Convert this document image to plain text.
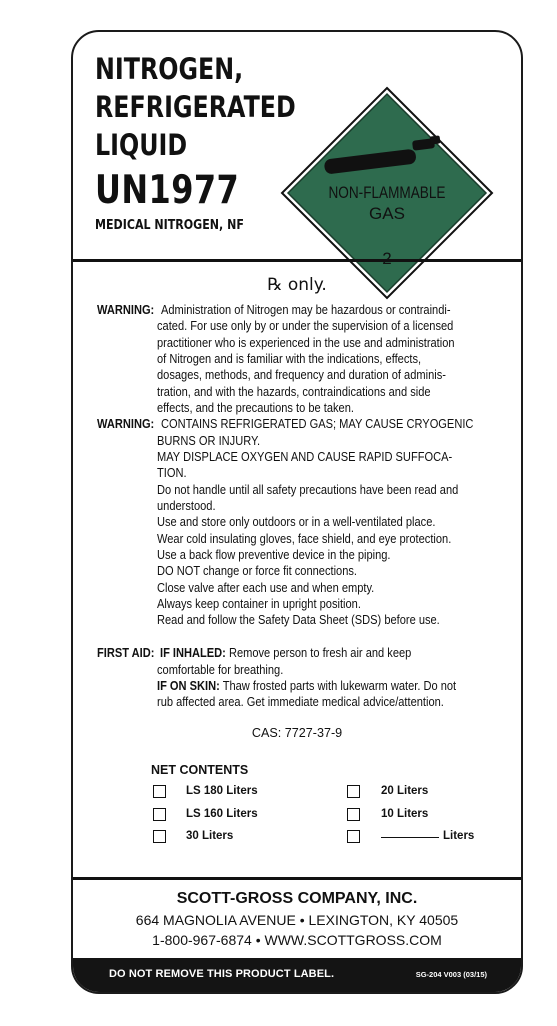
NITROGEN,
REFRIGERATED
LIQUID
UN1977
MEDICAL NITROGEN, NF
NON-FLAMMABLE
GAS
℞ only.
WARNING: Administration of Nitrogen may be hazardous or contraindi-
cated. For use only by or under the supervision of a licensed
practitioner who is experienced in the use and administration
of Nitrogen and is familiar with the indications, effects,
dosages, methods, and frequency and duration of adminis-
tration, and with the hazards, contraindications and side
effects, and the precautions to be taken.
WARNING: CONTAINS REFRIGERATED GAS; MAY CAUSE CRYOGENIC
BURNS OR INJURY.
MAY DISPLACE OXYGEN AND CAUSE RAPID SUFFOCA-
TION.
Do not handle until all safety precautions have been read and
understood.
Use and store only outdoors or in a well-ventilated place.
Wear cold insulating gloves, face shield, and eye protection.
Use a back flow preventive device in the piping.
DO NOT change or force fit connections.
Close valve after each use and when empty.
Always keep container in upright position.
Read and follow the Safety Data Sheet (SDS) before use.
FIRST AID: IF INHALED: Remove person to fresh air and keep
comfortable for breathing.
IF ON SKIN: Thaw frosted parts with lukewarm water. Do not
rub affected area. Get immediate medical advice/attention.
CAS: 7727-37-9
NET CONTENTS
LS 180 Liters
LS 160 Liters
30 Liters
20 Liters
10 Liters
Liters
SCOTT-GROSS COMPANY, INC.
664 MAGNOLIA AVENUE • LEXINGTON, KY 40505
1-800-967-6874 • WWW.SCOTTGROSS.COM
DO NOT REMOVE THIS PRODUCT LABEL.	SG-204 V003 (03/15)
